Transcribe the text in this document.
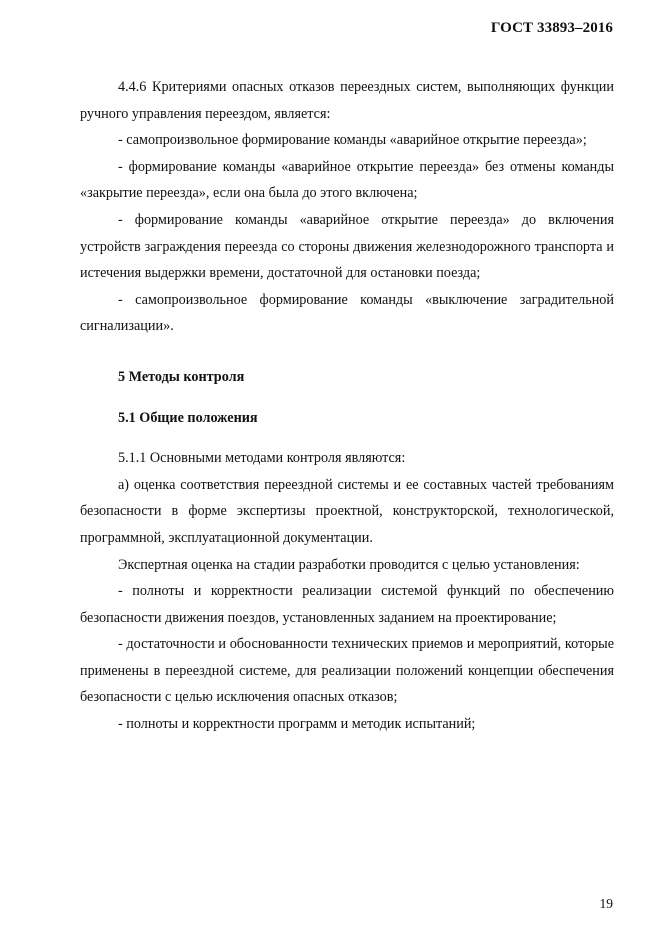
ГОСТ 33893–2016

4.4.6 Критериями опасных отказов переездных систем, выполняющих функции ручного управления переездом, является:

- самопроизвольное формирование команды «аварийное открытие переезда»;

- формирование команды «аварийное открытие переезда» без отмены команды «закрытие переезда», если она была до этого включена;

- формирование команды «аварийное открытие переезда» до включения устройств заграждения переезда со стороны движения железнодорожного транспорта и истечения выдержки времени, достаточной для остановки поезда;

- самопроизвольное формирование команды «выключение заградительной сигнализации».

5 Методы контроля
5.1 Общие положения

5.1.1 Основными методами контроля являются:

а) оценка соответствия переездной системы и ее составных частей требованиям безопасности в форме экспертизы проектной, конструкторской, технологической, программной, эксплуатационной документации.

Экспертная оценка на стадии разработки проводится с целью установления:

- полноты и корректности реализации системой функций по обеспечению безопасности движения поездов, установленных заданием на проектирование;

- достаточности и обоснованности технических приемов и мероприятий, которые применены в переездной системе, для реализации положений концепции обеспечения безопасности с целью исключения опасных отказов;

- полноты и корректности программ и методик испытаний;

19
